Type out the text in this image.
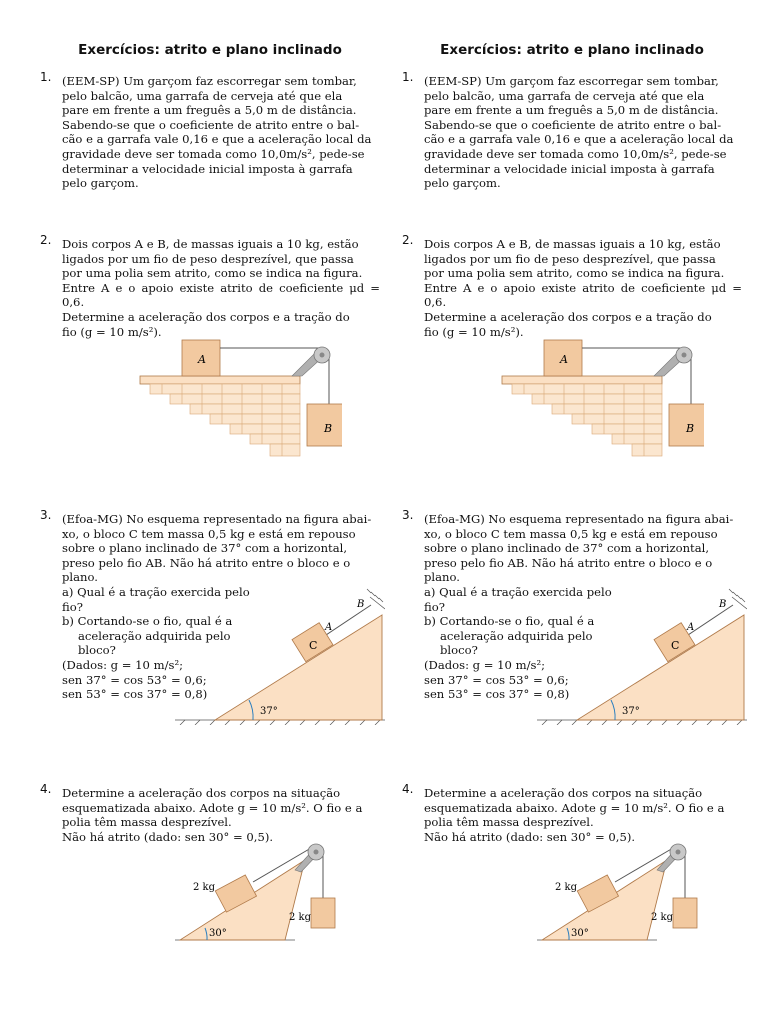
Exercícios: atrito e plano inclinado
1. (EEM-SP) Um garçom faz escorregar sem tombar,
pelo balcão, uma garrafa de cerveja até que ela
pare em frente a um freguês a 5,0 m de distância.
Sabendo-se que o coeficiente de atrito entre o bal-
cão e a garrafa vale 0,16 e que a aceleração local da
gravidade deve ser tomada como 10,0m/s², pede-se
determinar a velocidade inicial imposta à garrafa
pelo garçom.
2. Dois corpos A e B, de massas iguais a 10 kg, estão
ligados por um fio de peso desprezível, que passa
por uma polia sem atrito, como se indica na figura.
Entre A e o apoio existe atrito de coeficiente μd = 0,6.
Determine a aceleração dos corpos e a tração do
fio (g = 10 m/s²).
A
B
3. (Efoa-MG) No esquema representado na figura abai-
xo, o bloco C tem massa 0,5 kg e está em repouso
sobre o plano inclinado de 37° com a horizontal,
preso pelo fio AB. Não há atrito entre o bloco e o
plano.
a) Qual é a tração exercida pelo fio?
b) Cortando-se o fio, qual é a
aceleração adquirida pelo
bloco?
(Dados: g = 10 m/s²;
sen 37° = cos 53° = 0,6;
sen 53° = cos 37° = 0,8)
C
A
B
37°
4. Determine a aceleração dos corpos na situação
esquematizada abaixo. Adote g = 10 m/s². O fio e a
polia têm massa desprezível.
Não há atrito (dado: sen 30° = 0,5).
2 kg
2 kg
30°
Exercícios: atrito e plano inclinado
1. (EEM-SP) Um garçom faz escorregar sem tombar,
pelo balcão, uma garrafa de cerveja até que ela
pare em frente a um freguês a 5,0 m de distância.
Sabendo-se que o coeficiente de atrito entre o bal-
cão e a garrafa vale 0,16 e que a aceleração local da
gravidade deve ser tomada como 10,0m/s², pede-se
determinar a velocidade inicial imposta à garrafa
pelo garçom.
2. Dois corpos A e B, de massas iguais a 10 kg, estão
ligados por um fio de peso desprezível, que passa
por uma polia sem atrito, como se indica na figura.
Entre A e o apoio existe atrito de coeficiente μd = 0,6.
Determine a aceleração dos corpos e a tração do
fio (g = 10 m/s²).
A
B
3. (Efoa-MG) No esquema representado na figura abai-
xo, o bloco C tem massa 0,5 kg e está em repouso
sobre o plano inclinado de 37° com a horizontal,
preso pelo fio AB. Não há atrito entre o bloco e o
plano.
a) Qual é a tração exercida pelo fio?
b) Cortando-se o fio, qual é a
aceleração adquirida pelo
bloco?
(Dados: g = 10 m/s²;
sen 37° = cos 53° = 0,6;
sen 53° = cos 37° = 0,8)
C
A
B
37°
4. Determine a aceleração dos corpos na situação
esquematizada abaixo. Adote g = 10 m/s². O fio e a
polia têm massa desprezível.
Não há atrito (dado: sen 30° = 0,5).
2 kg
2 kg
30°
